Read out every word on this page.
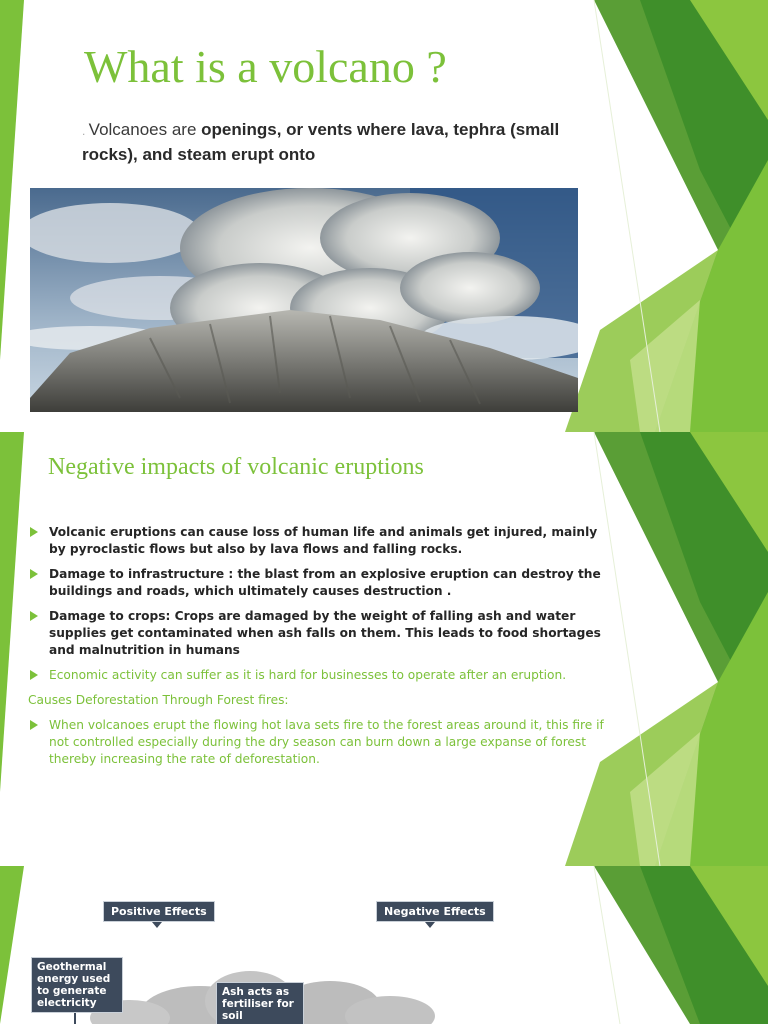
What is a volcano ?
. Volcanoes are openings, or vents where lava, tephra (small rocks), and steam erupt onto
Negative impacts of volcanic eruptions
Volcanic eruptions can cause loss of human life and animals get injured, mainly by pyroclastic flows but also by lava flows and falling rocks.
Damage to infrastructure : the blast from an explosive eruption can destroy the buildings and roads, which ultimately causes destruction .
Damage to crops: Crops are damaged by the weight of falling ash and water supplies get contaminated when ash falls on them. This leads to food shortages and malnutrition in humans
Economic activity can suffer as it is hard for businesses to operate after an eruption.
Causes Deforestation Through Forest fires:
When volcanoes erupt the flowing hot lava sets fire to the forest areas around it, this fire if not controlled especially during the dry season can burn down a large expanse of forest thereby increasing the rate of deforestation.
Positive Effects	Negative Effects
Geothermal energy used to generate electricity
Ash acts as fertiliser for soil
